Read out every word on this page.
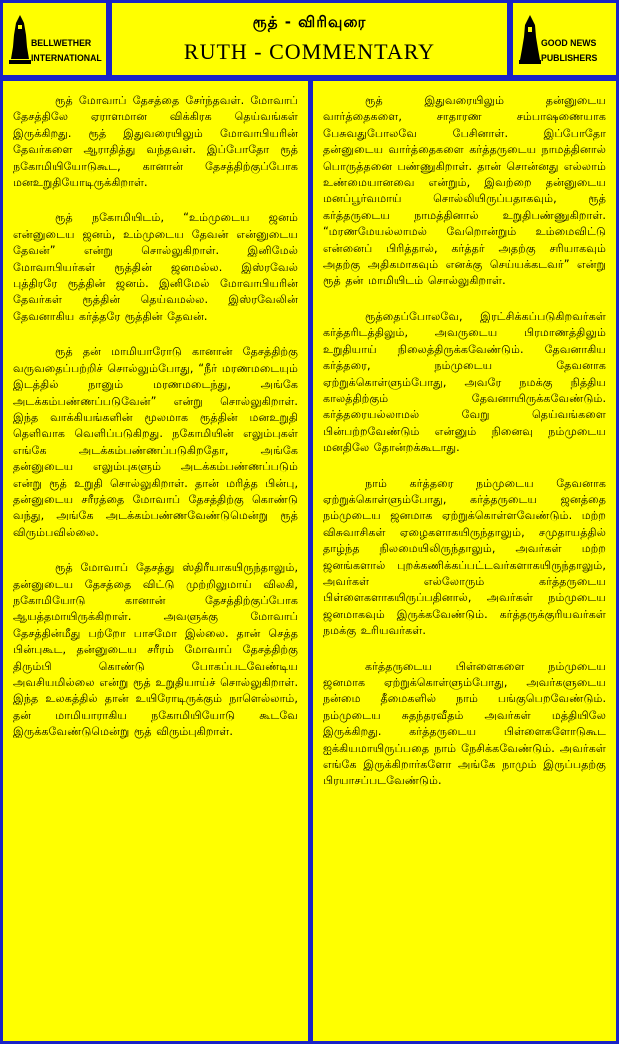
BELLWETHER
INTERNATIONAL
ரூத் - விரிவுரை
RUTH - COMMENTARY	GOOD NEWS
PUBLISHERS

ரூத் மோவாப் தேசத்தை சேர்ந்தவள். மோவாப் தேசத்திலே ஏராளமான விக்கிரக தெய்வங்கள் இருக்கிறது. ரூத் இதுவரையிலும் மோவாபியரின் தேவர்களை ஆராதித்து வந்தவள். இப்போதோ ரூத் நகோமியியோடுகூட, கானான் தேசத்திற்குப்போக மனஉறுதியோடிருக்கிறாள்.

ரூத் நகோமியிடம், “உம்முடைய ஜனம் என்னுடைய ஜனம், உம்முடைய தேவன் என்னுடைய தேவன்” என்று சொல்லுகிறாள். இனிமேல் மோவாபியர்கள் ரூத்தின் ஜனமல்ல. இஸ்ரவேல் புத்திரரே ரூத்தின் ஜனம். இனிமேல் மோவாபியரின் தேவர்கள் ரூத்தின் தெய்வமல்ல. இஸ்ரவேலின் தேவனாகிய கர்த்தரே ரூத்தின் தேவன்.

ரூத் தன் மாமியாரோடு கானான் தேசத்திற்கு வருவதைப்பற்றிச் சொல்லும்போது, “நீர் மரணமடையும் இடத்தில் நானும் மரணமடைந்து, அங்கே அடக்கம்பண்ணப்படுவேன்” என்று சொல்லுகிறாள். இந்த வாக்கியங்களின் மூலமாக ரூத்தின் மனஉறுதி தெளிவாக வெளிப்படுகிறது. நகோமியின் எலும்புகள் எங்கே அடக்கம்பண்ணப்படுகிறதோ, அங்கே தன்னுடைய எலும்புகளும் அடக்கம்பண்ணப்படும் என்று ரூத் உறுதி சொல்லுகிறாள். தான் மரித்த பின்பு, தன்னுடைய சரீரத்தை மோவாப் தேசத்திற்கு கொண்டு வந்து, அங்கே அடக்கம்பண்ணவேண்டுமென்று ரூத் விரும்பவில்லை.

ரூத் மோவாப் தேசத்து ஸ்திரீயாகயிருந்தாலும், தன்னுடைய தேசத்தை விட்டு முற்றிலுமாய் விலகி, நகோமியோடு கானான் தேசத்திற்குப்போக ஆயத்தமாயிருக்கிறாள். அவளுக்கு மோவாப் தேசத்தின்மீது பற்றோ பாசமோ இல்லை. தான் செத்த பின்புகூட, தன்னுடைய சரீரம் மோவாப் தேசத்திற்கு திரும்பி கொண்டு போகப்படவேண்டிய அவசியமில்லை என்று ரூத் உறுதியாய்ச் சொல்லுகிறாள். இந்த உலகத்தில் தான் உயிரோடிருக்கும் நாளெல்லாம், தன் மாமியாராகிய நகோமியியோடு கூடவே இருக்கவேண்டுமென்று ரூத் விரும்புகிறாள்.

ரூத் இதுவரையிலும் தன்னுடைய வார்த்தைகளை, சாதாரண சம்பாஷணையாக பேசுவதுபோலவே பேசினாள். இப்போதோ தன்னுடைய வார்த்தைகளை கர்த்தருடைய நாமத்தினால் பொருத்தனை பண்ணுகிறாள். தான் சொன்னது எல்லாம் உண்மையானவை என்றும், இவற்றை தன்னுடைய மனப்பூர்வமாய் சொல்லியிருப்பதாகவும், ரூத் கர்த்தருடைய நாமத்தினால் உறுதிபண்ணுகிறாள். “மரணமேயல்லாமல் வேறொன்றும் உம்மைவிட்டு என்னைப் பிரித்தால், கர்த்தர் அதற்கு சரியாகவும் அதற்கு அதிகமாகவும் எனக்கு செய்யக்கடவர்” என்று ரூத் தன் மாமியிடம் சொல்லுகிறாள்.

ரூத்தைப்போலவே, இரட்சிக்கப்படுகிறவர்கள் கர்த்தரிடத்திலும், அவருடைய பிரமாணத்திலும் உறுதியாய் நிலைத்திருக்கவேண்டும். தேவனாகிய கர்த்தரை, நம்முடைய தேவனாக ஏற்றுக்கொள்ளும்போது, அவரே நமக்கு நித்திய காலத்திற்கும் தேவனாயிருக்கவேண்டும். கர்த்தரையல்லாமல் வேறு தெய்வங்களை பின்பற்றவேண்டும் என்னும் நினைவு நம்முடைய மனதிலே தோன்றக்கூடாது.

நாம் கர்த்தரை நம்முடைய தேவனாக ஏற்றுக்கொள்ளும்போது, கர்த்தருடைய ஜனத்தை நம்முடைய ஜனமாக ஏற்றுக்கொள்ளவேண்டும். மற்ற விசுவாசிகள் ஏழைகளாகயிருந்தாலும், சமுதாயத்தில் தாழ்ந்த நிலமையிலிருந்தாலும், அவர்கள் மற்ற ஜனங்களால் புறக்கணிக்கப்பட்டவர்களாகயிருந்தாலும், அவர்கள் எல்லோரும் கர்த்தருடைய பிள்ளைகளாகயிருப்பதினால், அவர்கள் நம்முடைய ஜனமாகவும் இருக்கவேண்டும். கர்த்தருக்குரியவர்கள் நமக்கு உரியவர்கள்.

கர்த்தருடைய பிள்ளைகளை நம்முடைய ஜனமாக ஏற்றுக்கொள்ளும்போது, அவர்களுடைய நன்மை தீமைகளில் நாம் பங்குபெறவேண்டும். நம்முடைய சுதந்தரவீதம் அவர்கள் மத்தியிலே இருக்கிறது. கர்த்தருடைய பிள்ளைகளோடுகூட ஐக்கியமாயிருப்பதை நாம் நேசிக்கவேண்டும். அவர்கள் எங்கே இருக்கிறார்களோ அங்கே நாமும் இருப்பதற்கு பிரயாசப்படவேண்டும்.
